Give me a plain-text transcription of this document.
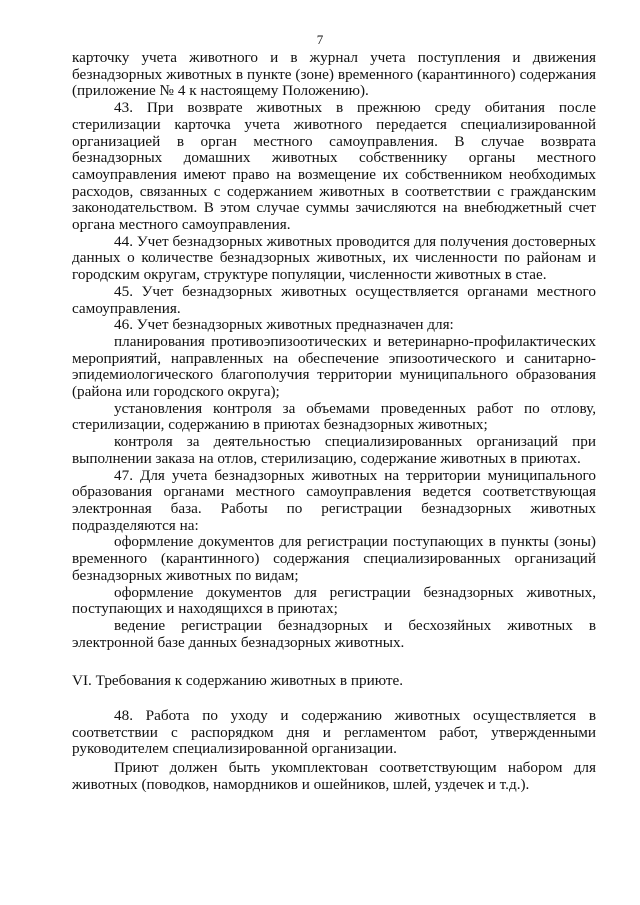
7

карточку учета животного и в журнал учета поступления и движения безнадзорных животных в пункте (зоне) временного (карантинного) содержания (приложение № 4 к настоящему Положению).

43. При возврате животных в прежнюю среду обитания после стерилизации карточка учета животного передается специализированной организацией в орган местного самоуправления. В случае возврата безнадзорных домашних животных собственнику органы местного самоуправления имеют право на возмещение их собственником необходимых расходов, связанных с содержанием животных в соответствии с гражданским законодательством. В этом случае суммы зачисляются на внебюджетный счет органа местного самоуправления.

44. Учет безнадзорных животных проводится для получения достоверных данных о количестве безнадзорных животных, их численности по районам и городским округам, структуре популяции, численности животных в стае.

45. Учет безнадзорных животных осуществляется органами местного самоуправления.

46. Учет безнадзорных животных предназначен для:

планирования противоэпизоотических и ветеринарно-профилактических мероприятий, направленных на обеспечение эпизоотического и санитарно-эпидемиологического благополучия территории муниципального образования (района или городского округа);

установления контроля за объемами проведенных работ по отлову, стерилизации, содержанию в приютах безнадзорных животных;

контроля за деятельностью специализированных организаций при выполнении заказа на отлов, стерилизацию, содержание животных в приютах.

47. Для учета безнадзорных животных на территории муниципального образования органами местного самоуправления ведется соответствующая электронная база. Работы по регистрации безнадзорных животных подразделяются на:

оформление документов для регистрации поступающих в пункты (зоны) временного (карантинного) содержания специализированных организаций безнадзорных животных по видам;

оформление документов для регистрации безнадзорных животных, поступающих и находящихся в приютах;

ведение регистрации безнадзорных и бесхозяйных животных в электронной базе данных безнадзорных животных.

VI. Требования к содержанию животных в приюте.

48. Работа по уходу и содержанию животных осуществляется в соответствии с распорядком дня и регламентом работ, утвержденными руководителем специализированной организации.

Приют должен быть укомплектован соответствующим набором для животных (поводков, намордников и ошейников, шлей, уздечек и т.д.).
